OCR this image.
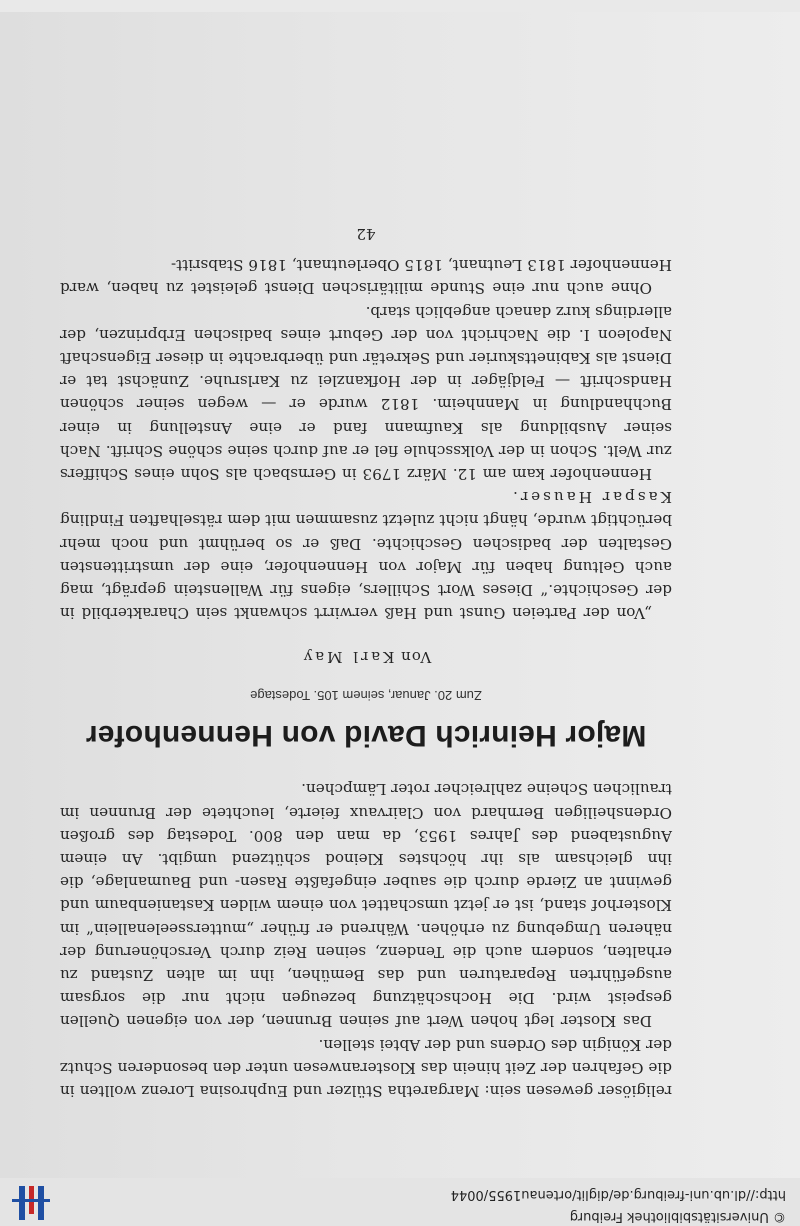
© Universitätsbibliothek Freiburg
http://dl.ub.uni-freiburg.de/diglit/ortenau1955/0044

religiöser gewesen sein: Margaretha Stülzer und Euphrosina Lorenz wollten in die Gefahren der Zeit hinein das Klosteranwesen unter den besonderen Schutz der Königin des Ordens und der Abtei stellen.

Das Kloster legt hohen Wert auf seinen Brunnen, der von eigenen Quellen gespeist wird. Die Hochschätzung bezeugen nicht nur die sorgsam ausgeführten Reparaturen und das Bemühen, ihn im alten Zustand zu erhalten, sondern auch die Tendenz, seinen Reiz durch Verschönerung der näheren Umgebung zu erhöhen. Während er früher „muttersseelenallein“ im Klosterhof stand, ist er jetzt umschattet von einem wilden Kastanienbaum und gewinnt an Zierde durch die sauber eingefaßte Rasen- und Baumanlage, die ihn gleichsam als ihr höchstes Kleinod schützend umgibt. An einem Augustabend des Jahres 1953, da man den 800. Todestag des großen Ordensheiligen Bernhard von Clairvaux feierte, leuchtete der Brunnen im traulichen Scheine zahlreicher roter Lämpchen.

Major Heinrich David von Hennenhofer
Zum 20. Januar, seinem 105. Todestage
Von Karl May

„Von der Parteien Gunst und Haß verwirrt schwankt sein Charakterbild in der Geschichte.“ Dieses Wort Schillers, eigens für Wallenstein geprägt, mag auch Geltung haben für Major von Hennenhofer, eine der umstrittensten Gestalten der badischen Geschichte. Daß er so berühmt und noch mehr berüchtigt wurde, hängt nicht zuletzt zusammen mit dem rätselhaften Findling Kaspar Hauser.

Hennenhofer kam am 12. März 1793 in Gernsbach als Sohn eines Schiffers zur Welt. Schon in der Volksschule fiel er auf durch seine schöne Schrift. Nach seiner Ausbildung als Kaufmann fand er eine Anstellung in einer Buchhandlung in Mannheim. 1812 wurde er — wegen seiner schönen Handschrift — Feldjäger in der Hofkanzlei zu Karlsruhe. Zunächst tat er Dienst als Kabinettskurier und Sekretär und überbrachte in dieser Eigenschaft Napoleon I. die Nachricht von der Geburt eines badischen Erbprinzen, der allerdings kurz danach angeblich starb.

Ohne auch nur eine Stunde militärischen Dienst geleistet zu haben, ward Hennenhofer 1813 Leutnant, 1815 Oberleutnant, 1816 Stabsritt-

42
